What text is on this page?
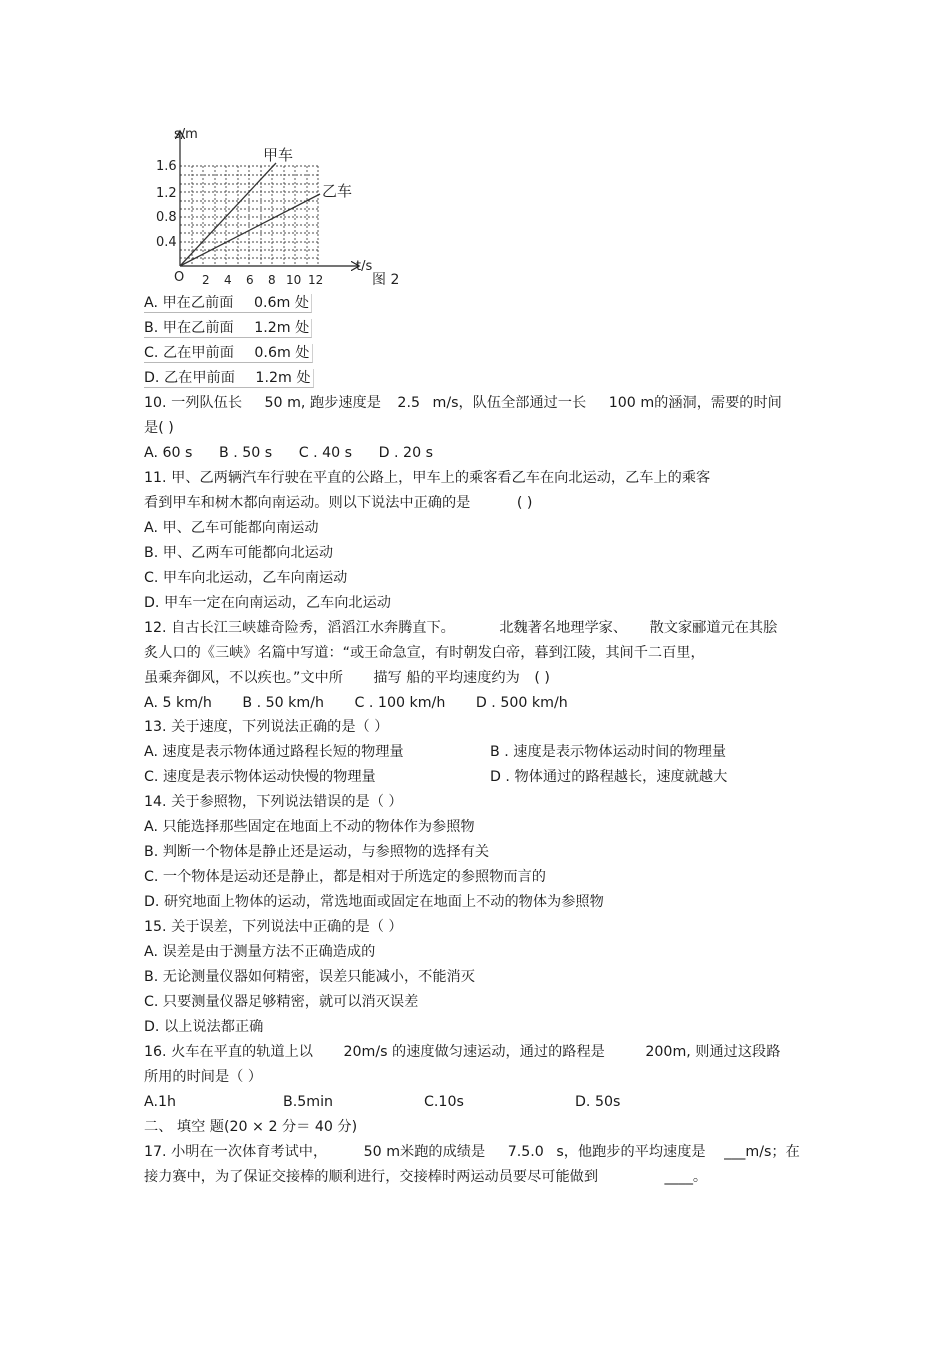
s/m
t/s
O
0.4
0.8
1.2
1.6
2 4 6 8 10 12
甲车
乙车
图 2
A. 甲在乙前面 0.6m 处
B. 甲在乙前面 1.2m 处
C. 乙在甲前面 0.6m 处
D. 乙在甲前面 1.2m 处
10. 一列队伍长 50 m, 跑步速度是 2.5 m/s，队伍全部通过一长 100 m的涵洞，需要的时间
是( )
A. 60 s B . 50 s C . 40 s D . 20 s
11. 甲、乙两辆汽车行驶在平直的公路上，甲车上的乘客看乙车在向北运动，乙车上的乘客
看到甲车和树木都向南运动。则以下说法中正确的是	( )
A. 甲、乙车可能都向南运动
B. 甲、乙两车可能都向北运动
C. 甲车向北运动，乙车向南运动
D. 甲车一定在向南运动，乙车向北运动
12. 自古长江三峡雄奇险秀，滔滔江水奔腾直下。	北魏著名地理学家、 散文家郦道元在其脍
炙人口的《三峡》名篇中写道：“或王命急宣，有时朝发白帝，暮到江陵，其间千二百里，
虽乘奔御风，不以疾也。”文中所 描写 船的平均速度约为 ( )
A. 5 km/h B . 50 km/h C . 100 km/h D . 500 km/h
13. 关于速度，下列说法正确的是（ ）
A. 速度是表示物体通过路程长短的物理量	B . 速度是表示物体运动时间的物理量
C. 速度是表示物体运动快慢的物理量	D . 物体通过的路程越长，速度就越大
14. 关于参照物，下列说法错误的是（ ）
A. 只能选择那些固定在地面上不动的物体作为参照物
B. 判断一个物体是静止还是运动，与参照物的选择有关
C. 一个物体是运动还是静止，都是相对于所选定的参照物而言的
D. 研究地面上物体的运动，常选地面或固定在地面上不动的物体为参照物
15. 关于误差，下列说法中正确的是（ ）
A. 误差是由于测量方法不正确造成的
B. 无论测量仪器如何精密，误差只能减小，不能消灭
C. 只要测量仪器足够精密，就可以消灭误差
D. 以上说法都正确
16. 火车在平直的轨道上以 20m/s 的速度做匀速运动，通过的路程是	200m, 则通过这段路
所用的时间是（ ）
A.1h	B.5min	C.10s	D. 50s
二、 填空 题(20 × 2 分＝ 40 分)
17. 小明在一次体育考试中，	50 m米跑的成绩是 7.5.0 s，他跑步的平均速度是 ___m/s；在
接力赛中，为了保证交接棒的顺利进行，交接棒时两运动员要尽可能做到	____。
